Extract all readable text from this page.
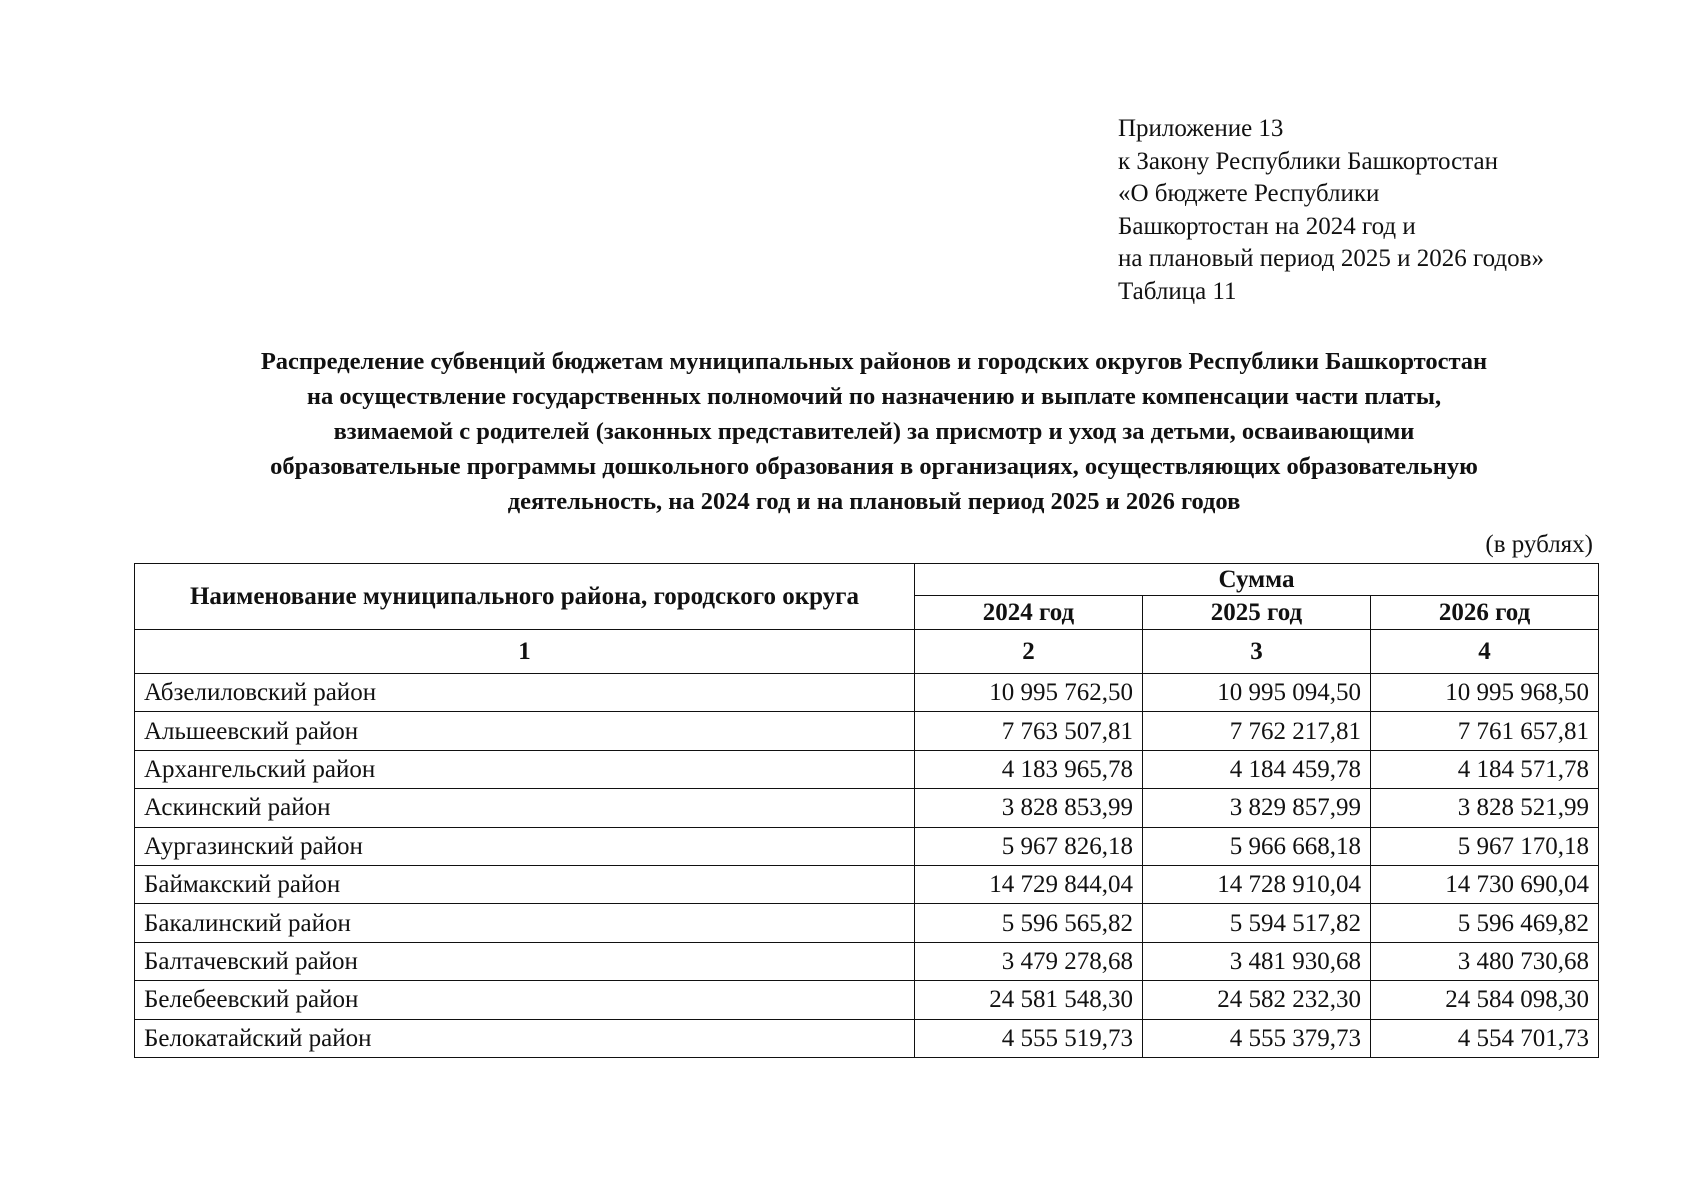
Приложение 13
к Закону Республики Башкортостан
«О бюджете Республики
Башкортостан на 2024 год и
на плановый период 2025 и 2026 годов»
Таблица 11
Распределение субвенций бюджетам муниципальных районов и городских округов Республики Башкортостан
на осуществление государственных полномочий по назначению и выплате компенсации части платы,
взимаемой с родителей (законных представителей) за присмотр и уход за детьми, осваивающими
образовательные программы дошкольного образования в организациях, осуществляющих образовательную
деятельность, на 2024 год и на плановый период 2025 и 2026 годов
(в рублях)
Наименование муниципального района, городского округа	Сумма		
	2024 год	2025 год	2026 год
1	2	3	4
Абзелиловский район	10 995 762,50	10 995 094,50	10 995 968,50
Альшеевский район	7 763 507,81	7 762 217,81	7 761 657,81
Архангельский район	4 183 965,78	4 184 459,78	4 184 571,78
Аскинский район	3 828 853,99	3 829 857,99	3 828 521,99
Аургазинский район	5 967 826,18	5 966 668,18	5 967 170,18
Баймакский район	14 729 844,04	14 728 910,04	14 730 690,04
Бакалинский район	5 596 565,82	5 594 517,82	5 596 469,82
Балтачевский район	3 479 278,68	3 481 930,68	3 480 730,68
Белебеевский район	24 581 548,30	24 582 232,30	24 584 098,30
Белокатайский район	4 555 519,73	4 555 379,73	4 554 701,73
